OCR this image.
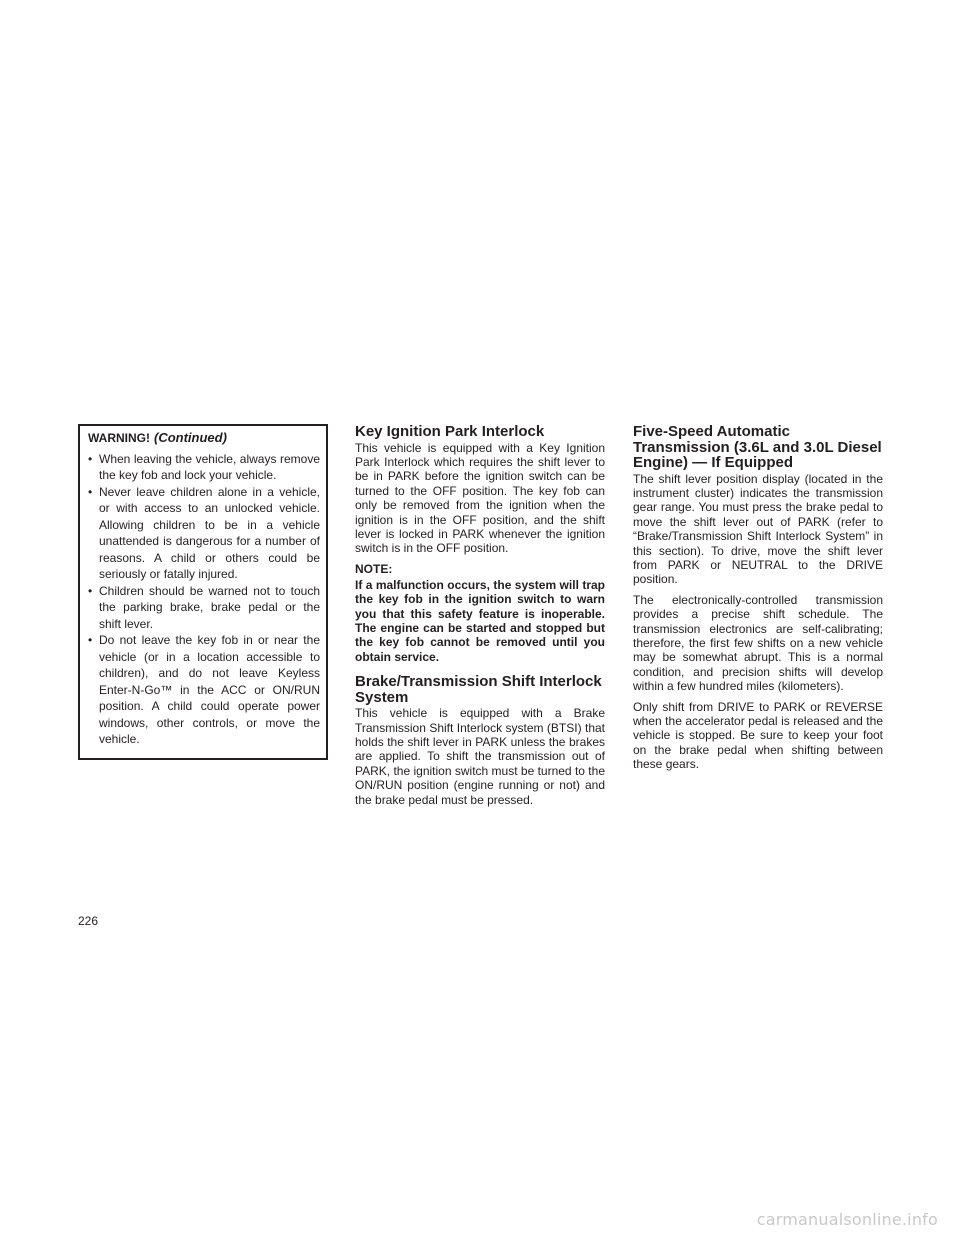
WARNING! (Continued)
• When leaving the vehicle, always remove the key fob and lock your vehicle.
• Never leave children alone in a vehicle, or with access to an unlocked vehicle. Allowing children to be in a vehicle unattended is dangerous for a number of reasons. A child or others could be seriously or fatally injured.
• Children should be warned not to touch the parking brake, brake pedal or the shift lever.
• Do not leave the key fob in or near the vehicle (or in a location accessible to children), and do not leave Keyless Enter-N-Go™ in the ACC or ON/RUN position. A child could operate power windows, other controls, or move the vehicle.
Key Ignition Park Interlock

This vehicle is equipped with a Key Ignition Park Interlock which requires the shift lever to be in PARK before the ignition switch can be turned to the OFF position. The key fob can only be removed from the ignition when the ignition is in the OFF position, and the shift lever is locked in PARK whenever the ignition switch is in the OFF position.

NOTE:
If a malfunction occurs, the system will trap the key fob in the ignition switch to warn you that this safety feature is inoperable. The engine can be started and stopped but the key fob cannot be removed until you obtain service.
Brake/Transmission Shift Interlock System

This vehicle is equipped with a Brake Transmission Shift Interlock system (BTSI) that holds the shift lever in PARK unless the brakes are applied. To shift the transmission out of PARK, the ignition switch must be turned to the ON/RUN position (engine running or not) and the brake pedal must be pressed.

Five-Speed Automatic Transmission (3.6L and 3.0L Diesel Engine) — If Equipped

The shift lever position display (located in the instrument cluster) indicates the transmission gear range. You must press the brake pedal to move the shift lever out of PARK (refer to “Brake/Transmission Shift Interlock System” in this section). To drive, move the shift lever from PARK or NEUTRAL to the DRIVE position.

The electronically-controlled transmission provides a precise shift schedule. The transmission electronics are self-calibrating; therefore, the first few shifts on a new vehicle may be somewhat abrupt. This is a normal condition, and precision shifts will develop within a few hundred miles (kilometers).

Only shift from DRIVE to PARK or REVERSE when the accelerator pedal is released and the vehicle is stopped. Be sure to keep your foot on the brake pedal when shifting between these gears.

226
carmanualsonline.info
